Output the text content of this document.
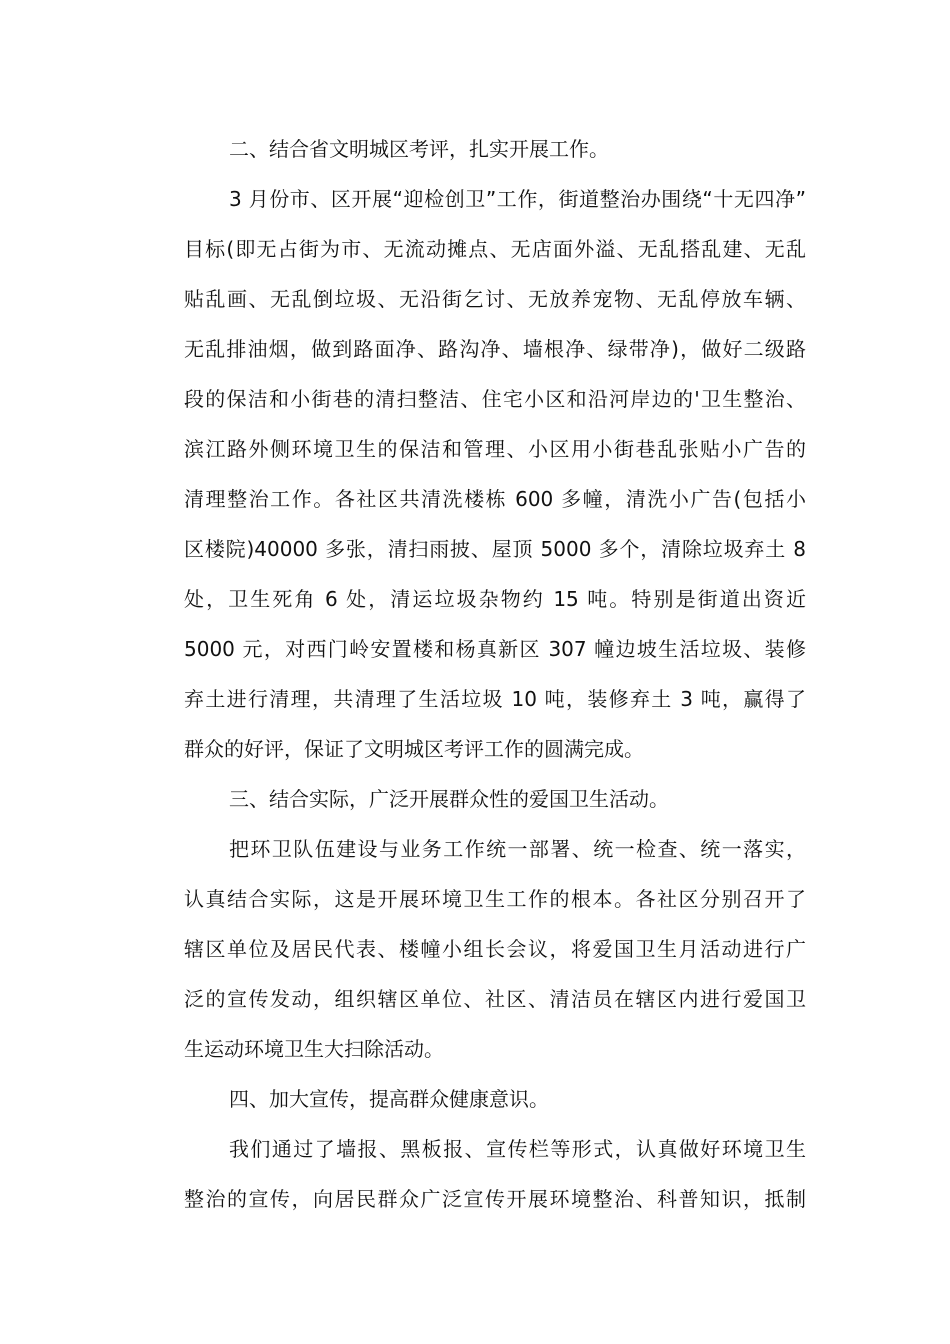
二、结合省文明城区考评，扎实开展工作。
3 月份市、区开展“迎检创卫”工作，街道整治办围绕“十无四净”
目标(即无占街为市、无流动摊点、无店面外溢、无乱搭乱建、无乱
贴乱画、无乱倒垃圾、无沿街乞讨、无放养宠物、无乱停放车辆、
无乱排油烟，做到路面净、路沟净、墙根净、绿带净)，做好二级路
段的保洁和小街巷的清扫整洁、住宅小区和沿河岸边的'卫生整治、
滨江路外侧环境卫生的保洁和管理、小区用小街巷乱张贴小广告的
清理整治工作。各社区共清洗楼栋 600 多幢，清洗小广告(包括小
区楼院)40000 多张，清扫雨披、屋顶 5000 多个，清除垃圾弃土 8
处，卫生死角 6 处，清运垃圾杂物约 15 吨。特别是街道出资近
5000 元，对西门岭安置楼和杨真新区 307 幢边坡生活垃圾、装修
弃土进行清理，共清理了生活垃圾 10 吨，装修弃土 3 吨，赢得了
群众的好评，保证了文明城区考评工作的圆满完成。
三、结合实际，广泛开展群众性的爱国卫生活动。
把环卫队伍建设与业务工作统一部署、统一检查、统一落实，
认真结合实际，这是开展环境卫生工作的根本。各社区分别召开了
辖区单位及居民代表、楼幢小组长会议，将爱国卫生月活动进行广
泛的宣传发动，组织辖区单位、社区、清洁员在辖区内进行爱国卫
生运动环境卫生大扫除活动。
四、加大宣传，提高群众健康意识。
我们通过了墙报、黑板报、宣传栏等形式，认真做好环境卫生
整治的宣传，向居民群众广泛宣传开展环境整治、科普知识，抵制
